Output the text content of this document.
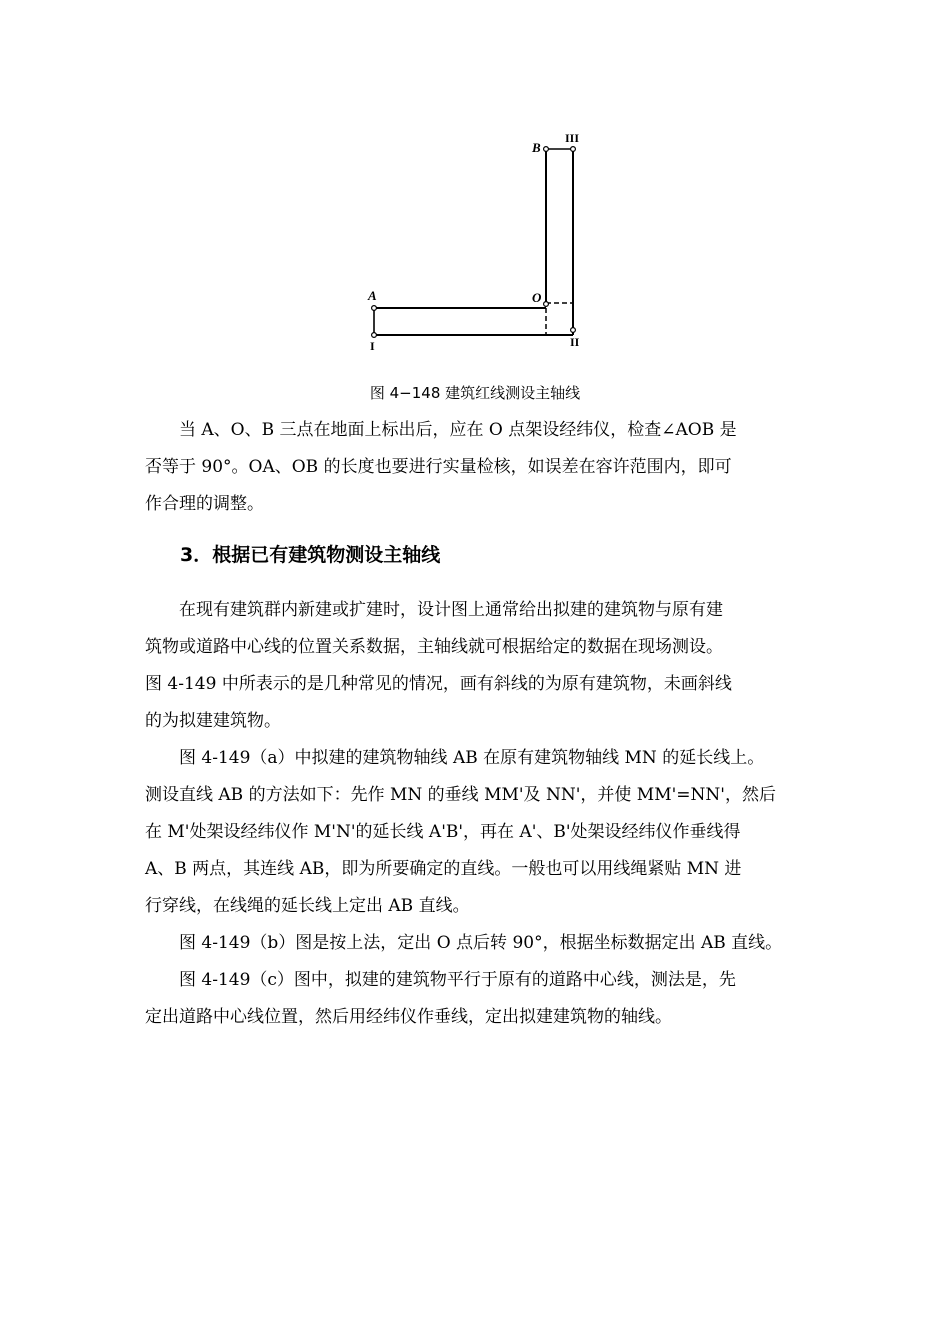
B
III
A	O
I	II
图 4−148 建筑红线测设主轴线

当 A、O、B 三点在地面上标出后，应在 O 点架设经纬仪，检查∠AOB 是
否等于 90°。OA、OB 的长度也要进行实量检核，如误差在容许范围内，即可
作合理的调整。

3．根据已有建筑物测设主轴线

在现有建筑群内新建或扩建时，设计图上通常给出拟建的建筑物与原有建
筑物或道路中心线的位置关系数据，主轴线就可根据给定的数据在现场测设。
图 4-149 中所表示的是几种常见的情况，画有斜线的为原有建筑物，未画斜线
的为拟建建筑物。

图 4-149（a）中拟建的建筑物轴线 AB 在原有建筑物轴线 MN 的延长线上。
测设直线 AB 的方法如下：先作 MN 的垂线 MM'及 NN'，并使 MM'=NN'，然后
在 M'处架设经纬仪作 M'N'的延长线 A'B'，再在 A'、B'处架设经纬仪作垂线得
A、B 两点，其连线 AB，即为所要确定的直线。一般也可以用线绳紧贴 MN 进
行穿线，在线绳的延长线上定出 AB 直线。

图 4-149（b）图是按上法，定出 O 点后转 90°，根据坐标数据定出 AB 直线。

图 4-149（c）图中，拟建的建筑物平行于原有的道路中心线，测法是，先
定出道路中心线位置，然后用经纬仪作垂线，定出拟建建筑物的轴线。
